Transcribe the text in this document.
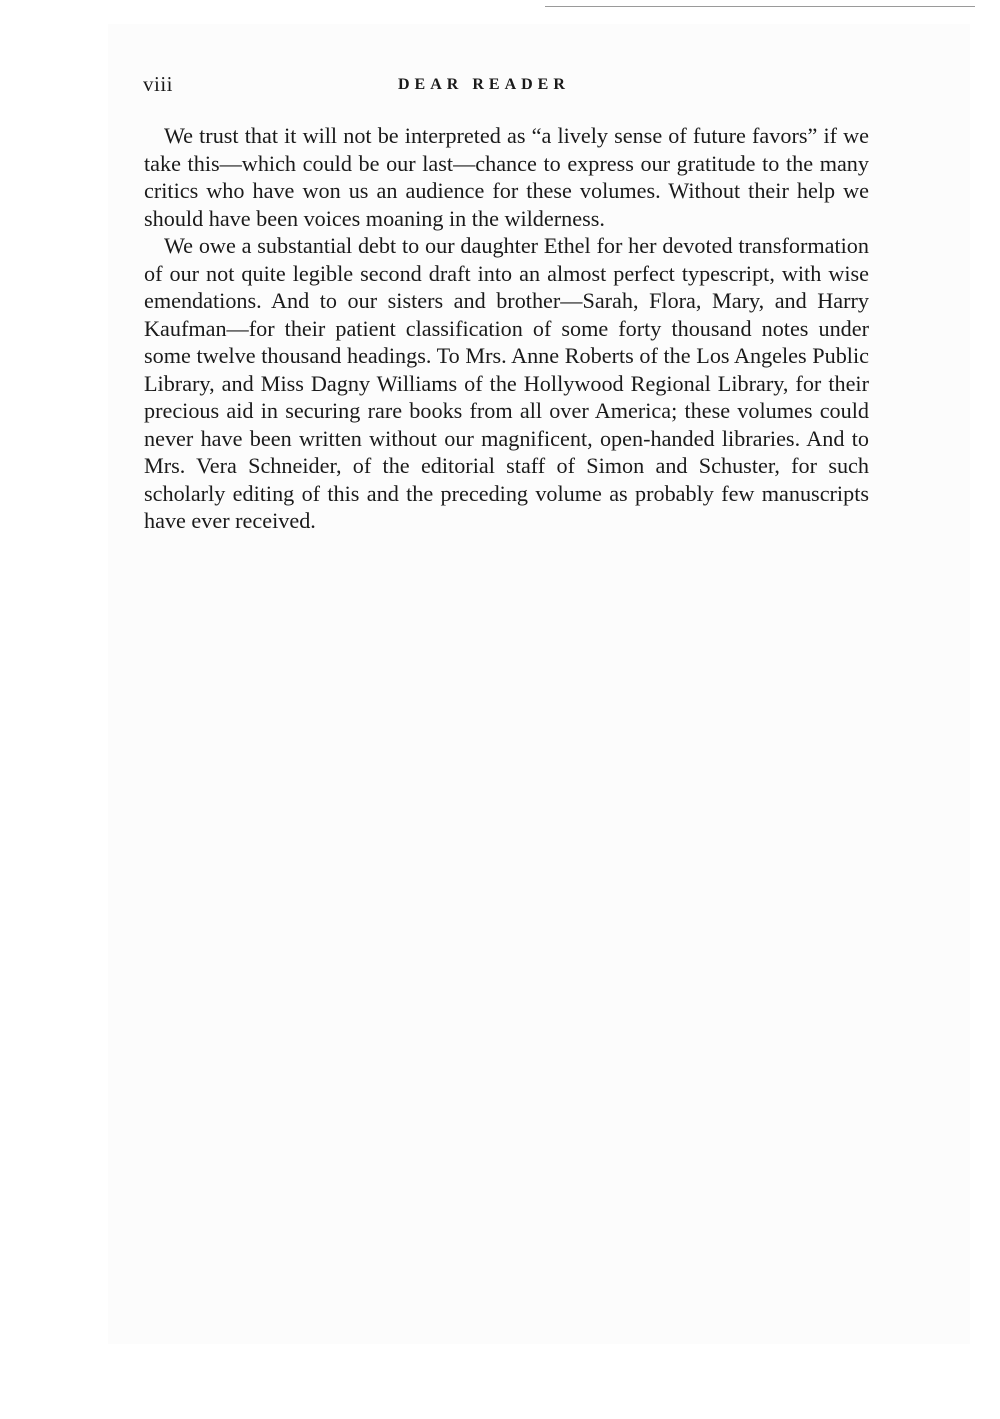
viii	DEAR READER

We trust that it will not be interpreted as “a lively sense of future favors” if we take this—which could be our last—chance to express our gratitude to the many critics who have won us an audience for these volumes. Without their help we should have been voices moaning in the wilderness.

We owe a substantial debt to our daughter Ethel for her devoted transformation of our not quite legible second draft into an almost perfect typescript, with wise emendations. And to our sisters and brother—Sarah, Flora, Mary, and Harry Kaufman—for their patient classification of some forty thousand notes under some twelve thousand headings. To Mrs. Anne Roberts of the Los Angeles Public Library, and Miss Dagny Williams of the Hollywood Regional Library, for their precious aid in securing rare books from all over America; these volumes could never have been written without our magnificent, open-handed libraries. And to Mrs. Vera Schneider, of the editorial staff of Simon and Schuster, for such scholarly editing of this and the preceding volume as probably few manuscripts have ever received.
